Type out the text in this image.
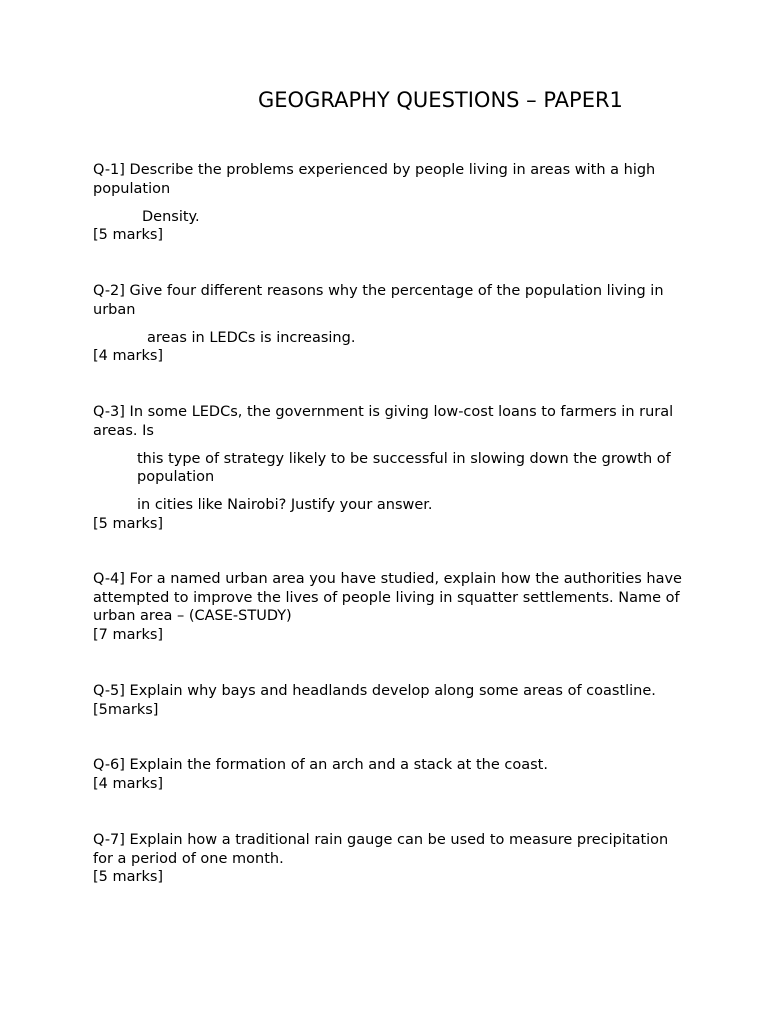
GEOGRAPHY QUESTIONS – PAPER1

Q-1] Describe the problems experienced by people living in areas with a high population

Density.

[5 marks]

Q-2] Give four different reasons why the percentage of the population living in urban

areas in LEDCs is increasing.

[4 marks]

Q-3] In some LEDCs, the government is giving low-cost loans to farmers in rural areas. Is

this type of strategy likely to be successful in slowing down the growth of population

in cities like Nairobi? Justify your answer.

[5 marks]

Q-4] For a named urban area you have studied, explain how the authorities have attempted to improve the lives of people living in squatter settlements. Name of urban area – (CASE-STUDY)

[7 marks]

Q-5] Explain why bays and headlands develop along some areas of coastline. [5marks]

Q-6] Explain the formation of an arch and a stack at the coast.

[4 marks]

Q-7] Explain how a traditional rain gauge can be used to measure precipitation for a period of one month.

[5 marks]
